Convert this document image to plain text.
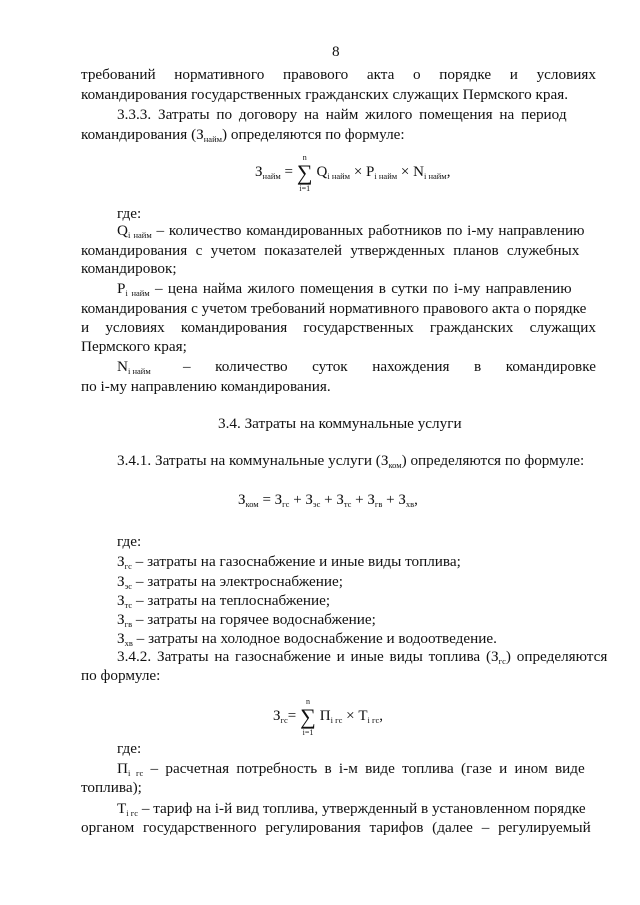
8
требований нормативного правового акта о порядке и условиях
командирования государственных гражданских служащих Пермского края.
3.3.3. Затраты по договору на найм жилого помещения на период
командирования $(З_{найм})$ определяются по формуле:
$З_{найм}$ = ∑
n
i=1
$Q_{i найм} \times P_{i найм} \times N_{i найм}$,
где:
$Q_{i найм}$ – количество командированных работников по i-му направлению
командирования с учетом показателей утвержденных планов служебных
командировок;
$P_{i найм}$ – цена найма жилого помещения в сутки по i-му направлению
командирования с учетом требований нормативного правового акта о порядке
и условиях командирования государственных гражданских служащих
Пермского края;
$N_{i найм}$ – количество суток нахождения в командировке
по i-му направлению командирования.
3.4. Затраты на коммунальные услуги
3.4.1. Затраты на коммунальные услуги $(З_{ком})$ определяются по формуле:
$З_{ком} = З_{гс} + З_{эс} + З_{тс} + З_{гв} + З_{хв}$,
где:
$З_{гс}$ – затраты на газоснабжение и иные виды топлива;
$З_{эс}$ – затраты на электроснабжение;
$З_{тс}$ – затраты на теплоснабжение;
$З_{гв}$ – затраты на горячее водоснабжение;
$З_{хв}$ – затраты на холодное водоснабжение и водоотведение.
3.4.2. Затраты на газоснабжение и иные виды топлива $(З_{гс})$ определяются
по формуле:
$З_{гс}=$ ∑
n
i=1
$П_{i гс} \times Т_{i гс}$,
где:
$П_{i гс}$ – расчетная потребность в i-м виде топлива (газе и ином виде
топлива);
$Т_{i гс}$ – тариф на i-й вид топлива, утвержденный в установленном порядке
органом государственного регулирования тарифов (далее – регулируемый
